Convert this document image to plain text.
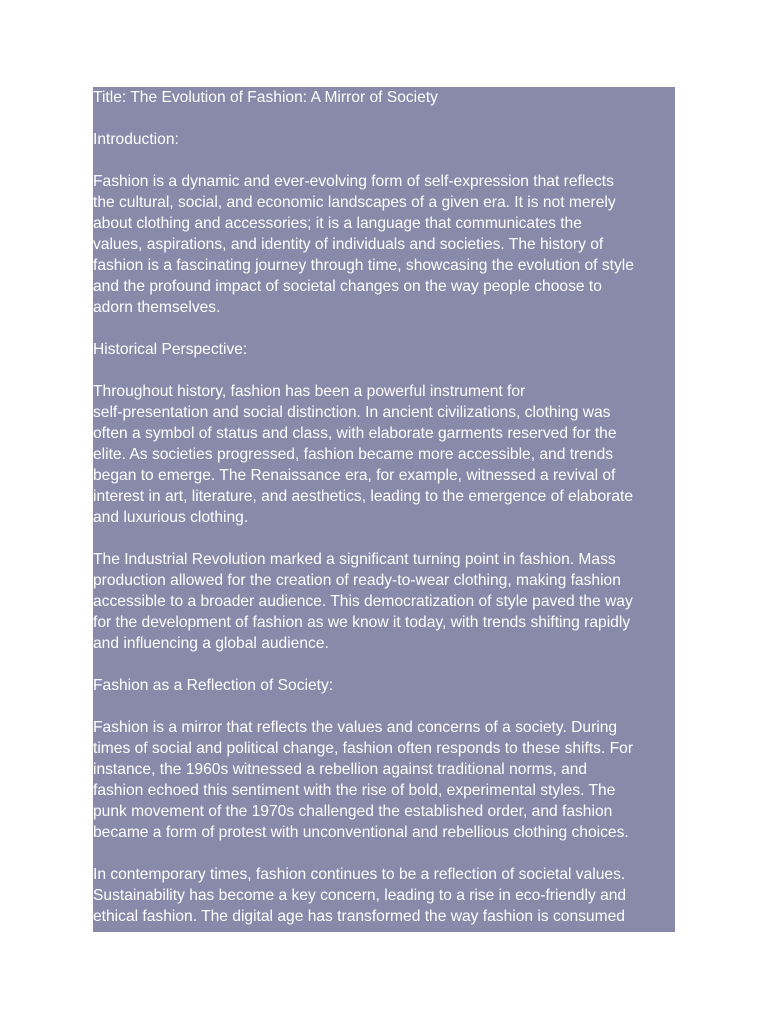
Title: The Evolution of Fashion: A Mirror of Society

Introduction:

Fashion is a dynamic and ever-evolving form of self-expression that reflects
the cultural, social, and economic landscapes of a given era. It is not merely
about clothing and accessories; it is a language that communicates the
values, aspirations, and identity of individuals and societies. The history of
fashion is a fascinating journey through time, showcasing the evolution of style
and the profound impact of societal changes on the way people choose to
adorn themselves.

Historical Perspective:

Throughout history, fashion has been a powerful instrument for
self-presentation and social distinction. In ancient civilizations, clothing was
often a symbol of status and class, with elaborate garments reserved for the
elite. As societies progressed, fashion became more accessible, and trends
began to emerge. The Renaissance era, for example, witnessed a revival of
interest in art, literature, and aesthetics, leading to the emergence of elaborate
and luxurious clothing.

The Industrial Revolution marked a significant turning point in fashion. Mass
production allowed for the creation of ready-to-wear clothing, making fashion
accessible to a broader audience. This democratization of style paved the way
for the development of fashion as we know it today, with trends shifting rapidly
and influencing a global audience.

Fashion as a Reflection of Society:

Fashion is a mirror that reflects the values and concerns of a society. During
times of social and political change, fashion often responds to these shifts. For
instance, the 1960s witnessed a rebellion against traditional norms, and
fashion echoed this sentiment with the rise of bold, experimental styles. The
punk movement of the 1970s challenged the established order, and fashion
became a form of protest with unconventional and rebellious clothing choices.

In contemporary times, fashion continues to be a reflection of societal values.
Sustainability has become a key concern, leading to a rise in eco-friendly and
ethical fashion. The digital age has transformed the way fashion is consumed
